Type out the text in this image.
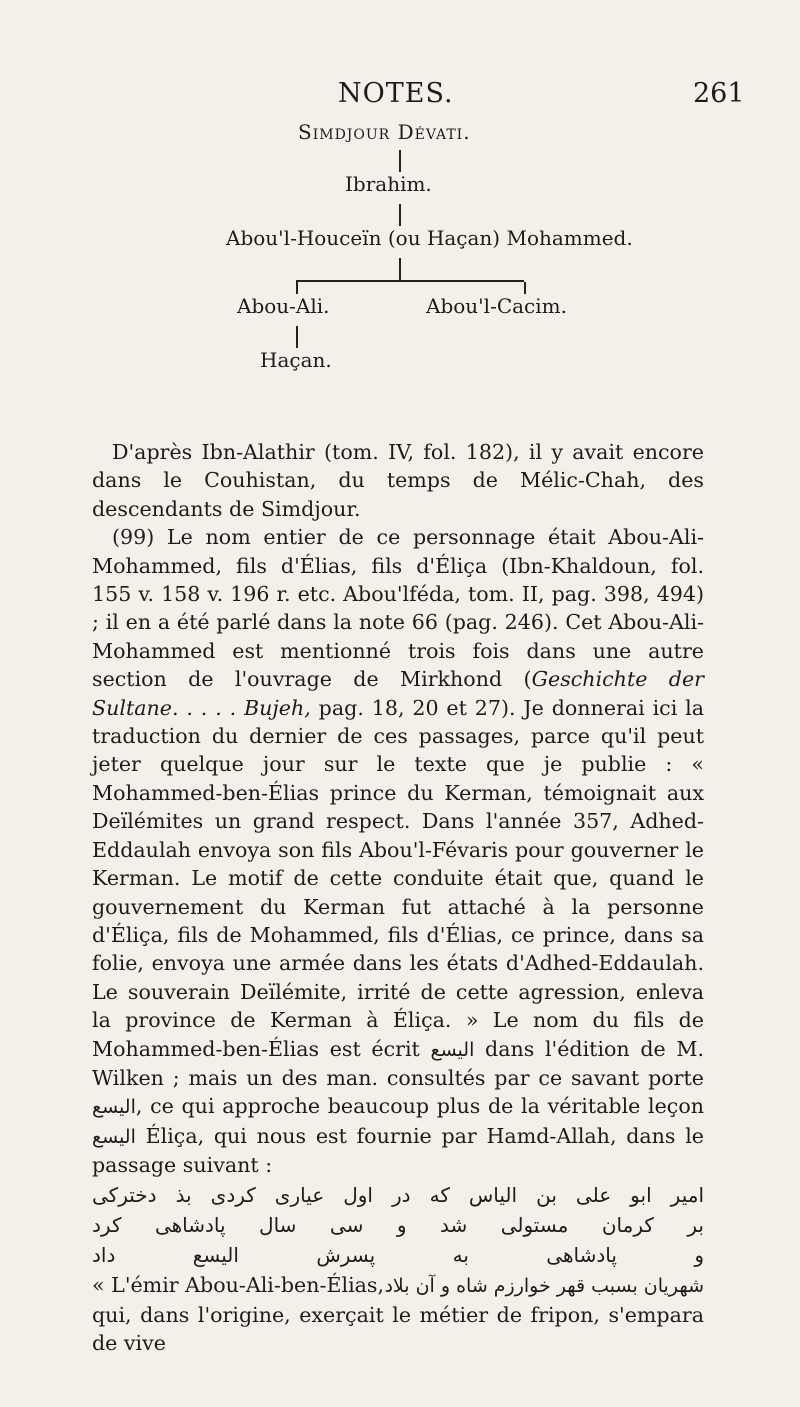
NOTES.	261
Simdjour Dévati.
Ibrahim.
Abou'l-Houceïn (ou Haçan) Mohammed.
Abou-Ali.	Abou'l-Cacim.
Haçan.

D'après Ibn-Alathir (tom. IV, fol. 182), il y avait encore dans le Couhistan, du temps de Mélic-Chah, des descendants de Simdjour.

(99) Le nom entier de ce personnage était Abou-Ali-Mohammed, fils d'Élias, fils d'Éliça (Ibn-Khaldoun, fol. 155 v. 158 v. 196 r. etc. Abou'lféda, tom. II, pag. 398, 494) ; il en a été parlé dans la note 66 (pag. 246). Cet Abou-Ali-Mohammed est mentionné trois fois dans une autre section de l'ouvrage de Mirkhond (Geschichte der Sultane. . . . . Bujeh, pag. 18, 20 et 27). Je donnerai ici la traduction du dernier de ces passages, parce qu'il peut jeter quelque jour sur le texte que je publie : « Mohammed-ben-Élias prince du Kerman, témoignait aux Deïlémites un grand respect. Dans l'année 357, Adhed-Eddaulah envoya son fils Abou'l-Févaris pour gouverner le Kerman. Le motif de cette conduite était que, quand le gouvernement du Kerman fut attaché à la personne d'Éliça, fils de Mohammed, fils d'Élias, ce prince, dans sa folie, envoya une armée dans les états d'Adhed-Eddaulah. Le souverain Deïlémite, irrité de cette agression, enleva la province de Kerman à Éliça. » Le nom du fils de Mohammed-ben-Élias est écrit اليسع dans l'édition de M. Wilken ; mais un des man. consultés par ce savant porte اليسع, ce qui approche beaucoup plus de la véritable leçon اليسع Éliça, qui nous est fournie par Hamd-Allah, dans le passage suivant :

امیر ابو علی بن الیاس که در اول عیاری کردی بذ دخترکی
بر کرمان مستولی شد و سی سال پادشاهی کرد
و پادشاهی به پسرش الیسع داد
« L'émir Abou-Ali-ben-Élias, شهریان بسبب قهر خوارزم شاه و آن بلاد

qui, dans l'origine, exerçait le métier de fripon, s'empara de vive
